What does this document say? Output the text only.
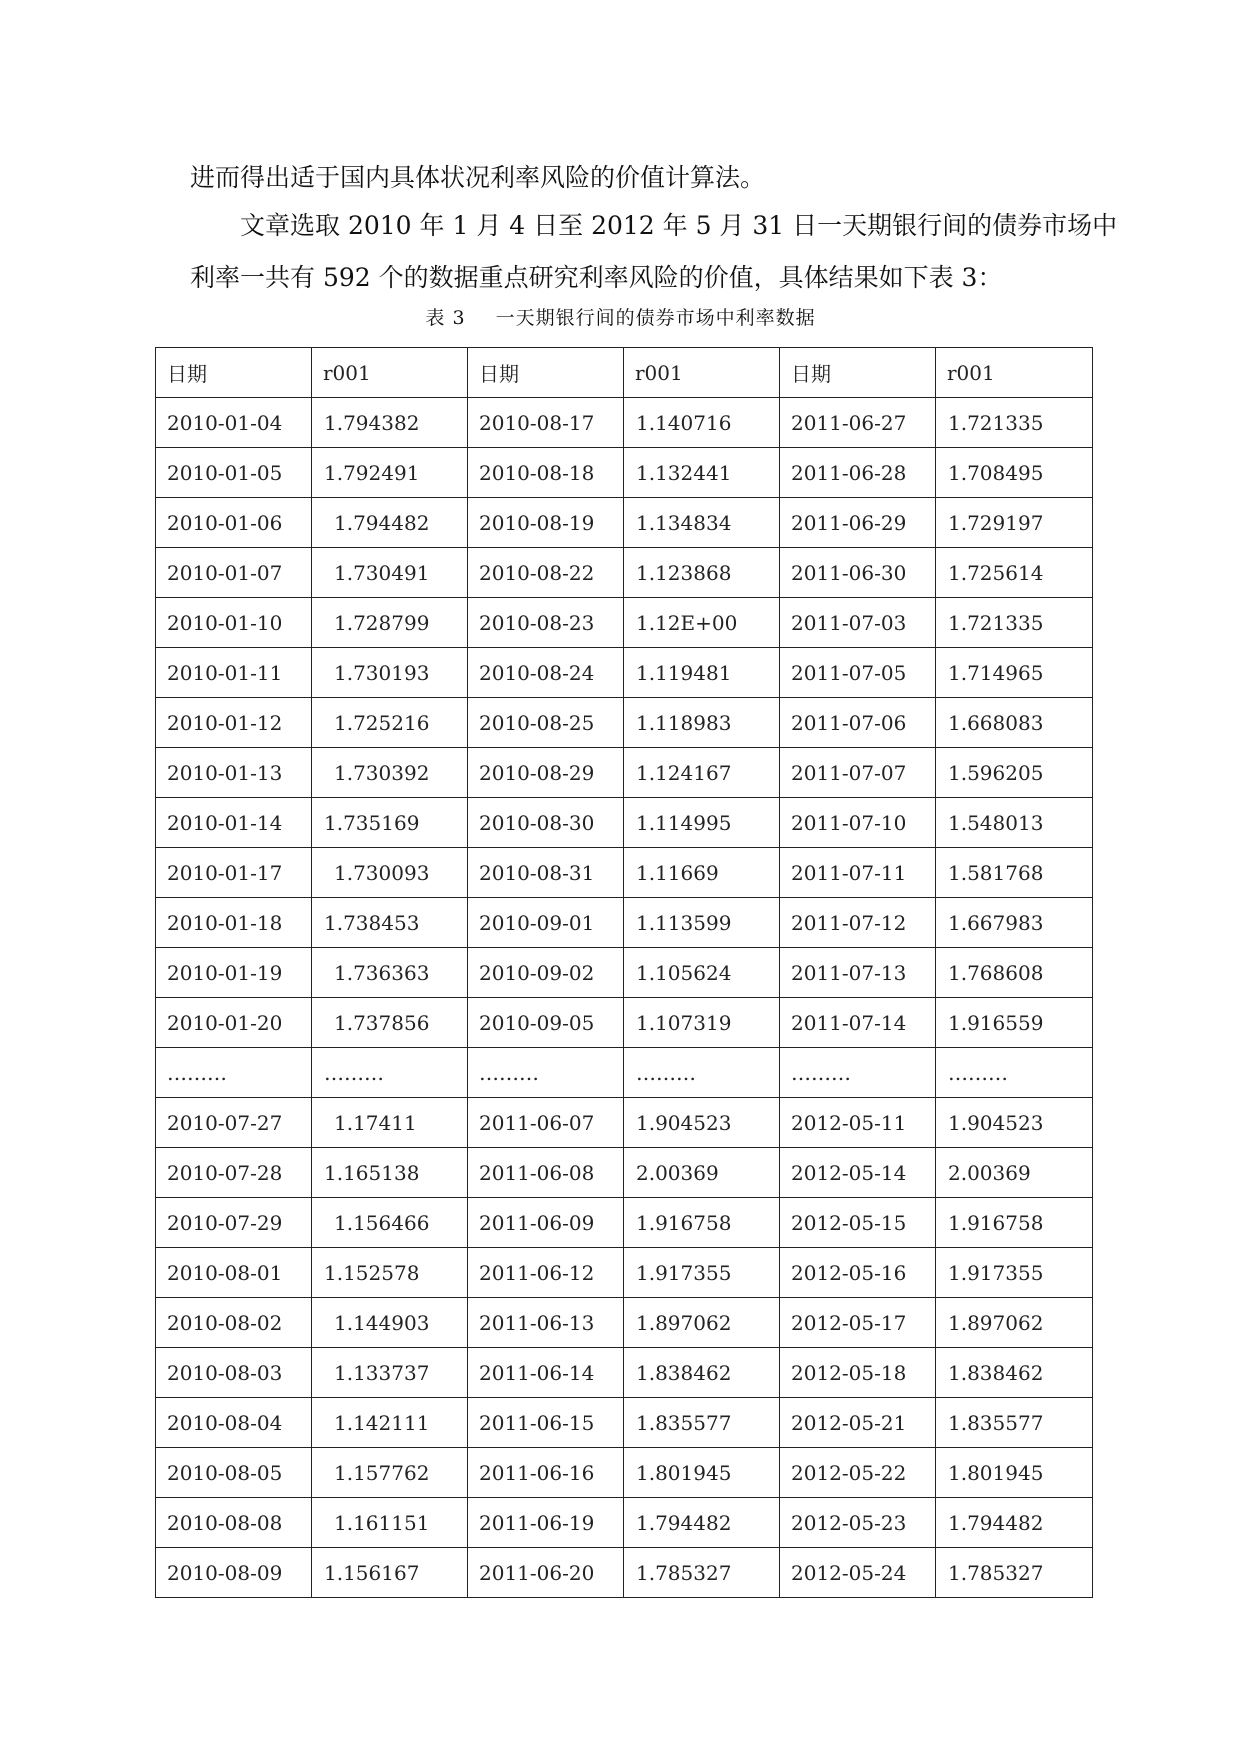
进而得出适于国内具体状况利率风险的价值计算法。

文章选取 2010 年 1 月 4 日至 2012 年 5 月 31 日一天期银行间的债券市场中

利率一共有 592 个的数据重点研究利率风险的价值，具体结果如下表 3：

表 3 一天期银行间的债券市场中利率数据
日期	r001	日期	r001	日期	r001
2010-01-04	1.794382	2010-08-17	1.140716	2011-06-27	1.721335
2010-01-05	1.792491	2010-08-18	1.132441	2011-06-28	1.708495
2010-01-06	1.794482	2010-08-19	1.134834	2011-06-29	1.729197
2010-01-07	1.730491	2010-08-22	1.123868	2011-06-30	1.725614
2010-01-10	1.728799	2010-08-23	1.12E+00	2011-07-03	1.721335
2010-01-11	1.730193	2010-08-24	1.119481	2011-07-05	1.714965
2010-01-12	1.725216	2010-08-25	1.118983	2011-07-06	1.668083
2010-01-13	1.730392	2010-08-29	1.124167	2011-07-07	1.596205
2010-01-14	1.735169	2010-08-30	1.114995	2011-07-10	1.548013
2010-01-17	1.730093	2010-08-31	1.11669	2011-07-11	1.581768
2010-01-18	1.738453	2010-09-01	1.113599	2011-07-12	1.667983
2010-01-19	1.736363	2010-09-02	1.105624	2011-07-13	1.768608
2010-01-20	1.737856	2010-09-05	1.107319	2011-07-14	1.916559
………	………	………	………	………	………
2010-07-27	1.17411	2011-06-07	1.904523	2012-05-11	1.904523
2010-07-28	1.165138	2011-06-08	2.00369	2012-05-14	2.00369
2010-07-29	1.156466	2011-06-09	1.916758	2012-05-15	1.916758
2010-08-01	1.152578	2011-06-12	1.917355	2012-05-16	1.917355
2010-08-02	1.144903	2011-06-13	1.897062	2012-05-17	1.897062
2010-08-03	1.133737	2011-06-14	1.838462	2012-05-18	1.838462
2010-08-04	1.142111	2011-06-15	1.835577	2012-05-21	1.835577
2010-08-05	1.157762	2011-06-16	1.801945	2012-05-22	1.801945
2010-08-08	1.161151	2011-06-19	1.794482	2012-05-23	1.794482
2010-08-09	1.156167	2011-06-20	1.785327	2012-05-24	1.785327
